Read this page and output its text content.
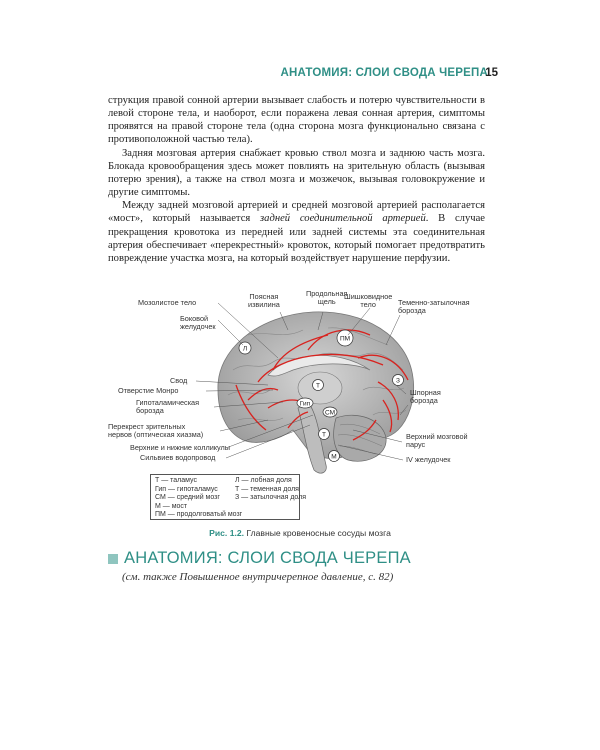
АНАТОМИЯ: СЛОИ СВОДА ЧЕРЕПА
15

струкция правой сонной артерии вызывает слабость и потерю чувствительности в левой стороне тела, и наоборот, если поражена левая сонная артерия, симптомы проявятся на правой стороне тела (одна сторона мозга функционально связана с противоположной частью тела).

Задняя мозговая артерия снабжает кровью ствол мозга и заднюю часть мозга. Блокада кровообращения здесь может повлиять на зрительную область (вызывая потерю зрения), а также на ствол мозга и мозжечок, вызывая головокружение и другие симптомы.

Между задней мозговой артерией и средней мозговой артерией располагается «мост», который называется задней соединительной артерией. В случае прекращения кровотока из передней или задней системы эта соединительная артерия обеспечивает «перекрестный» кровоток, который помогает предотвратить повреждение участка мозга, на который воздействует нарушение перфузии.

Л
ПМ
Т
Гип
СМ
Т
М
З
Мозолистое тело
Поясная
извилина
Продольная
щель
Шишковидное
тело	Теменно-затылочная
борозда
Боковой
желудочек
Свод
Отверстие Монро
Гипоталамическая
борозда
Перекрест зрительных
нервов (оптическая хиазма)
Верхние и нижние колликулы
Сильвиев водопровод
Шпорная
борозда
Верхний мозговой
парус
IV желудочек
Т — таламус
Гип — гипоталамус
СМ — средний мозг
М — мост
ПМ — продолговатый мозг
Л — лобная доля
Т — теменная доля
З — затылочная доля
Рис. 1.2. Главные кровеносные сосуды мозга
АНАТОМИЯ: СЛОИ СВОДА ЧЕРЕПА
(см. также Повышенное внутричерепное давление, с. 82)
